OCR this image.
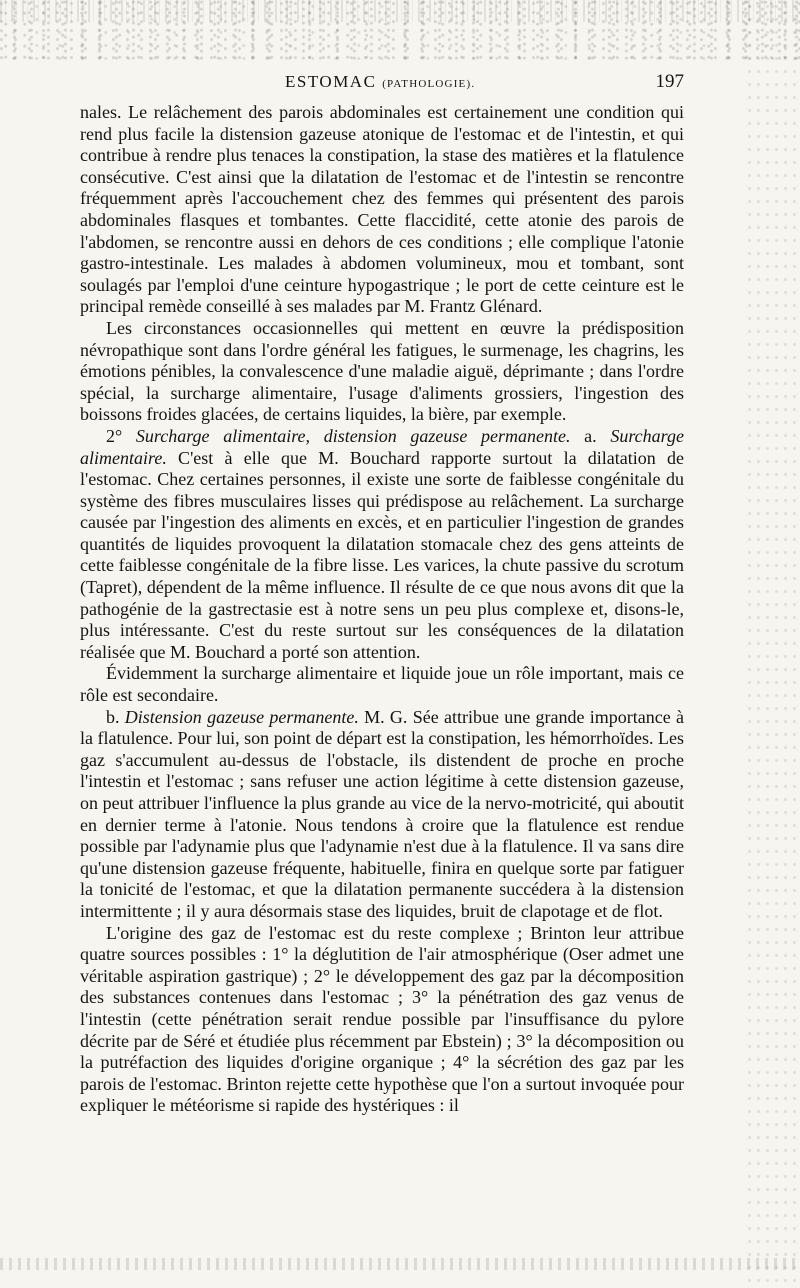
ESTOMAC (PATHOLOGIE).	197

nales. Le relâchement des parois abdominales est certainement une condition qui rend plus facile la distension gazeuse atonique de l'estomac et de l'intestin, et qui contribue à rendre plus tenaces la constipation, la stase des matières et la flatulence consécutive. C'est ainsi que la dilatation de l'estomac et de l'intestin se rencontre fréquemment après l'accouchement chez des femmes qui présentent des parois abdominales flasques et tombantes. Cette flaccidité, cette atonie des parois de l'abdomen, se rencontre aussi en dehors de ces conditions ; elle complique l'atonie gastro-intestinale. Les malades à abdomen volumineux, mou et tombant, sont soulagés par l'emploi d'une ceinture hypogastrique ; le port de cette ceinture est le principal remède conseillé à ses malades par M. Frantz Glénard.

Les circonstances occasionnelles qui mettent en œuvre la prédisposition névropathique sont dans l'ordre général les fatigues, le surmenage, les chagrins, les émotions pénibles, la convalescence d'une maladie aiguë, déprimante ; dans l'ordre spécial, la surcharge alimentaire, l'usage d'aliments grossiers, l'ingestion des boissons froides glacées, de certains liquides, la bière, par exemple.

2° Surcharge alimentaire, distension gazeuse permanente. a. Surcharge alimentaire. C'est à elle que M. Bouchard rapporte surtout la dilatation de l'estomac. Chez certaines personnes, il existe une sorte de faiblesse congénitale du système des fibres musculaires lisses qui prédispose au relâchement. La surcharge causée par l'ingestion des aliments en excès, et en particulier l'ingestion de grandes quantités de liquides provoquent la dilatation stomacale chez des gens atteints de cette faiblesse congénitale de la fibre lisse. Les varices, la chute passive du scrotum (Tapret), dépendent de la même influence. Il résulte de ce que nous avons dit que la pathogénie de la gastrectasie est à notre sens un peu plus complexe et, disons-le, plus intéressante. C'est du reste surtout sur les conséquences de la dilatation réalisée que M. Bouchard a porté son attention.

Évidemment la surcharge alimentaire et liquide joue un rôle important, mais ce rôle est secondaire.

b. Distension gazeuse permanente. M. G. Sée attribue une grande importance à la flatulence. Pour lui, son point de départ est la constipation, les hémorrhoïdes. Les gaz s'accumulent au-dessus de l'obstacle, ils distendent de proche en proche l'intestin et l'estomac ; sans refuser une action légitime à cette distension gazeuse, on peut attribuer l'influence la plus grande au vice de la nervo-motricité, qui aboutit en dernier terme à l'atonie. Nous tendons à croire que la flatulence est rendue possible par l'adynamie plus que l'adynamie n'est due à la flatulence. Il va sans dire qu'une distension gazeuse fréquente, habituelle, finira en quelque sorte par fatiguer la tonicité de l'estomac, et que la dilatation permanente succédera à la distension intermittente ; il y aura désormais stase des liquides, bruit de clapotage et de flot.

L'origine des gaz de l'estomac est du reste complexe ; Brinton leur attribue quatre sources possibles : 1° la déglutition de l'air atmosphérique (Oser admet une véritable aspiration gastrique) ; 2° le développement des gaz par la décomposition des substances contenues dans l'estomac ; 3° la pénétration des gaz venus de l'intestin (cette pénétration serait rendue possible par l'insuffisance du pylore décrite par de Séré et étudiée plus récemment par Ebstein) ; 3° la décomposition ou la putréfaction des liquides d'origine organique ; 4° la sécrétion des gaz par les parois de l'estomac. Brinton rejette cette hypothèse que l'on a surtout invoquée pour expliquer le météorisme si rapide des hystériques : il
